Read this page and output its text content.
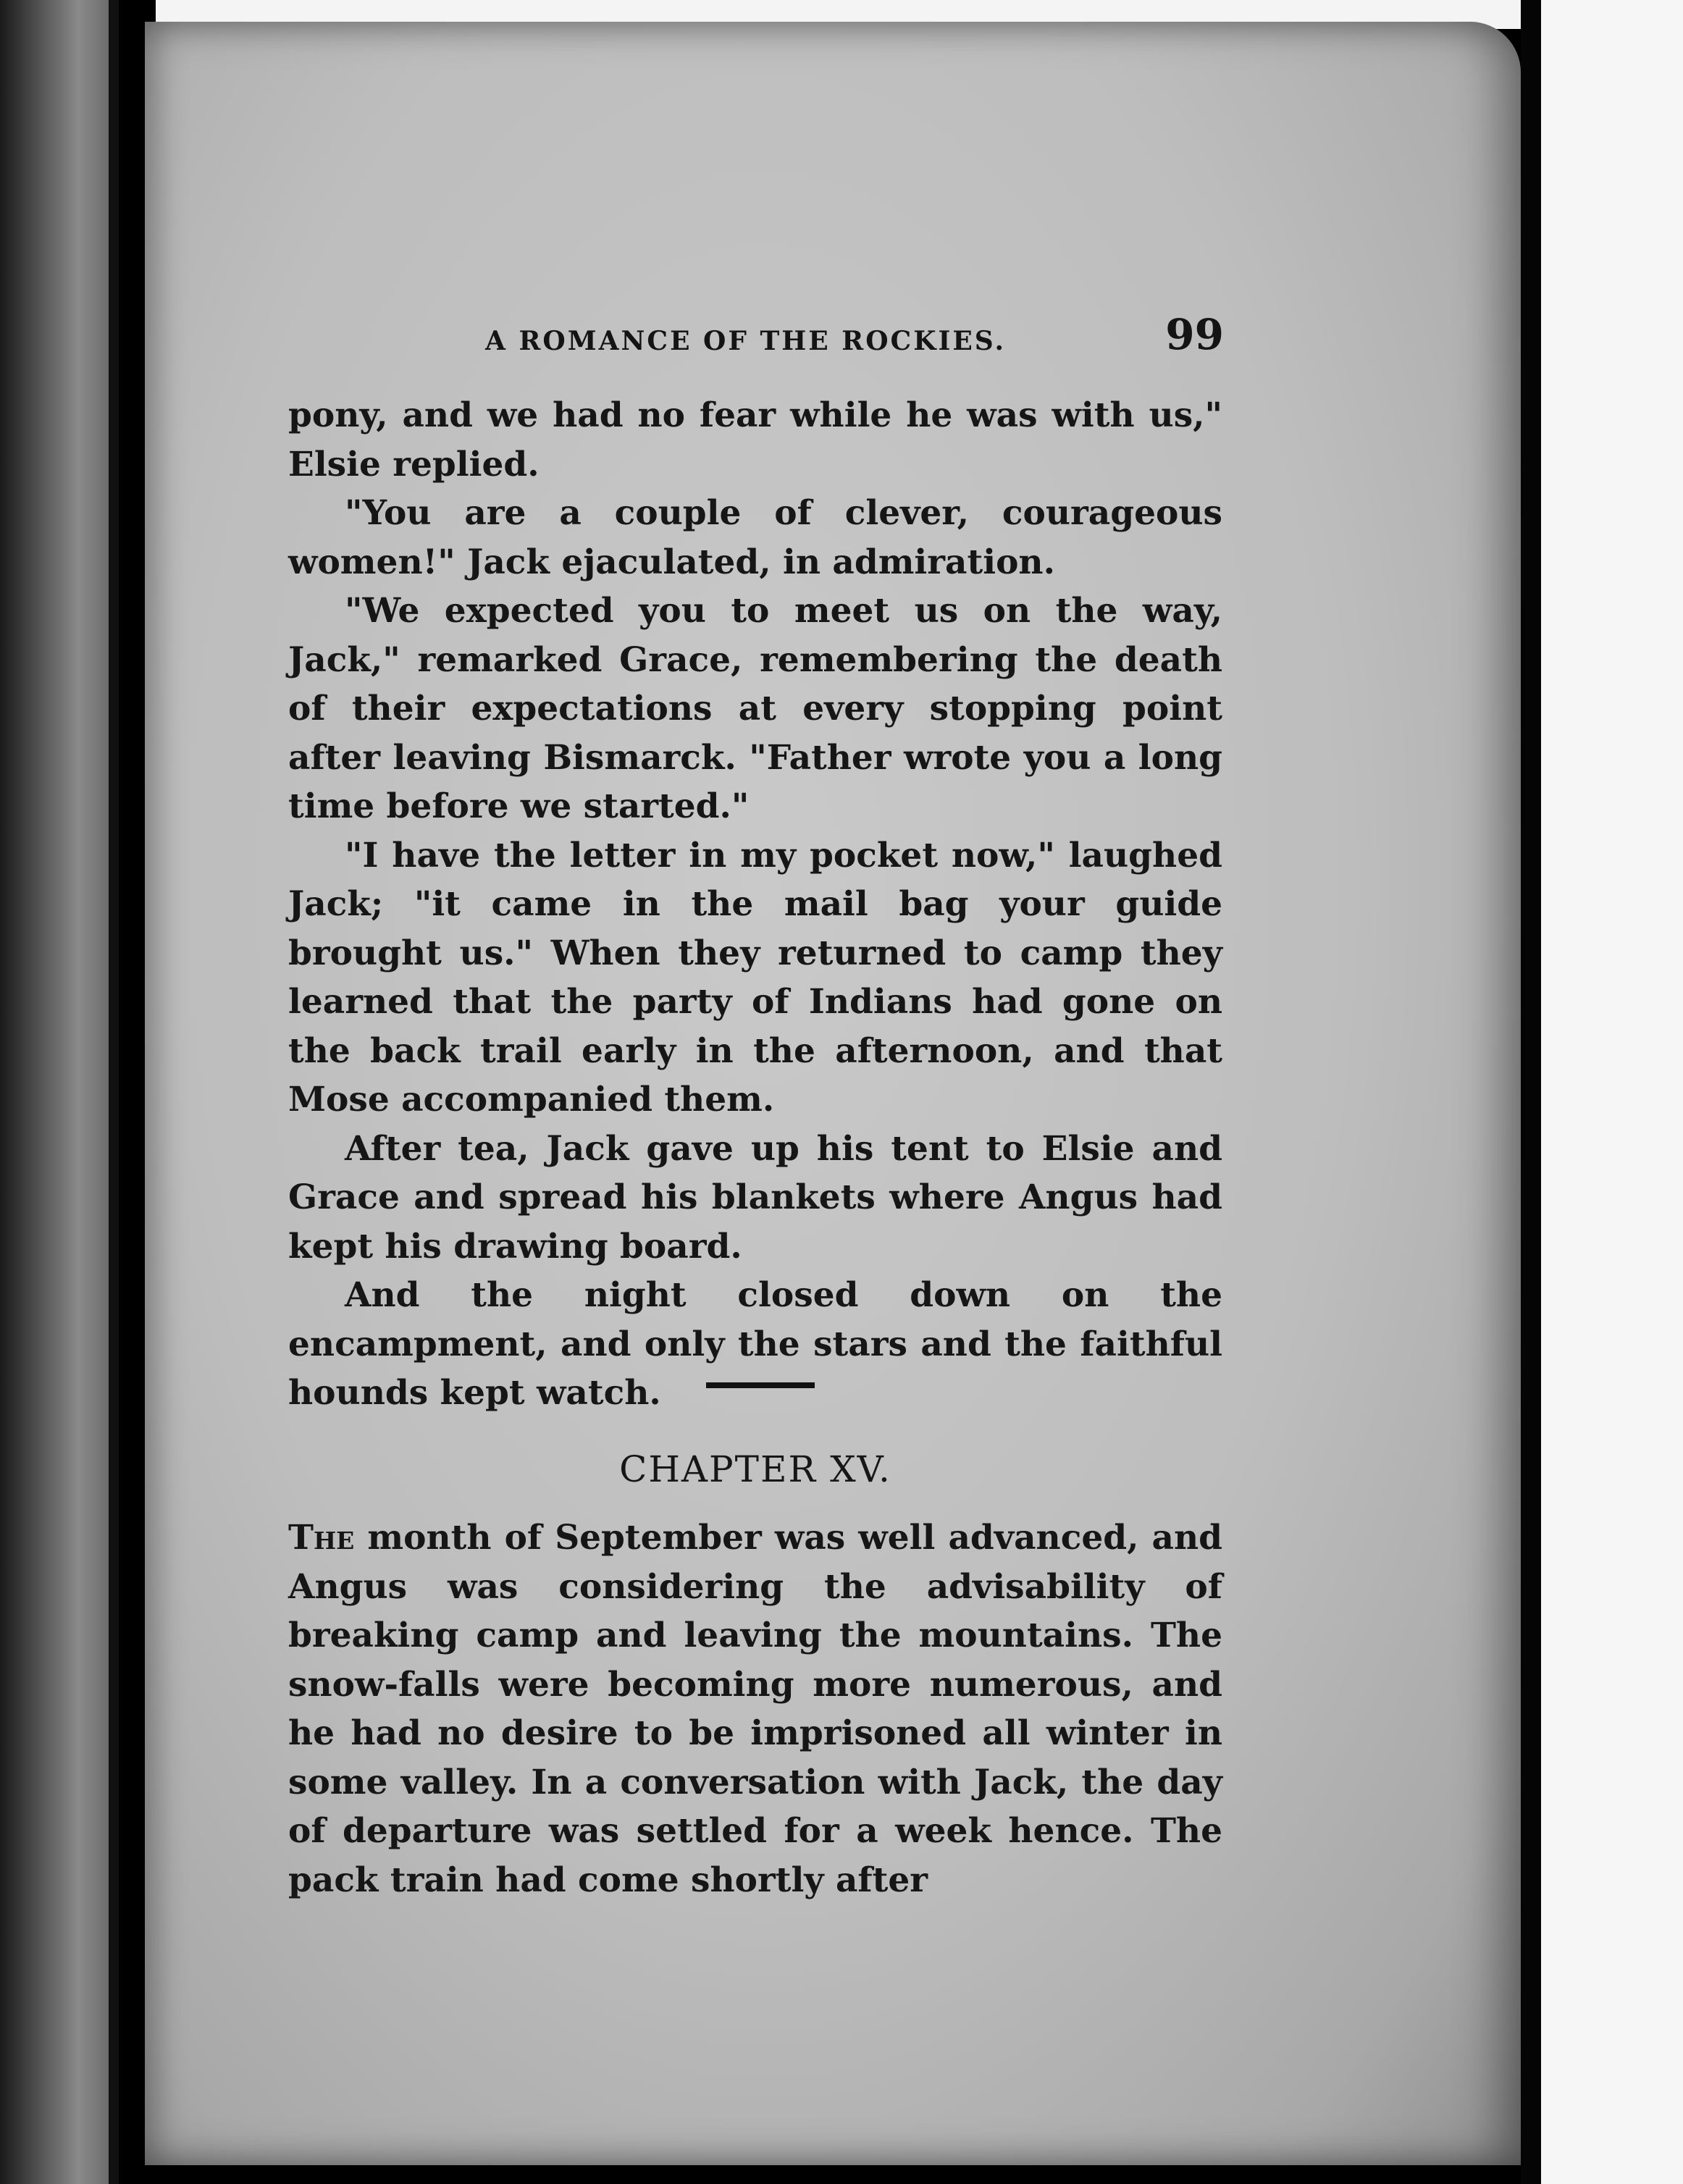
A ROMANCE OF THE ROCKIES.	99

pony, and we had no fear while he was with us," Elsie replied.

"You are a couple of clever, courageous women!" Jack ejaculated, in admiration.

"We expected you to meet us on the way, Jack," remarked Grace, remembering the death of their expectations at every stopping point after leaving Bismarck. "Father wrote you a long time before we started."

"I have the letter in my pocket now," laughed Jack; "it came in the mail bag your guide brought us." When they returned to camp they learned that the party of Indians had gone on the back trail early in the afternoon, and that Mose accompanied them.

After tea, Jack gave up his tent to Elsie and Grace and spread his blankets where Angus had kept his drawing board.

And the night closed down on the encampment, and only the stars and the faithful hounds kept watch.

CHAPTER XV.

The month of September was well advanced, and Angus was considering the advisability of breaking camp and leaving the mountains. The snow-falls were becoming more numerous, and he had no desire to be imprisoned all winter in some valley. In a conversation with Jack, the day of departure was settled for a week hence. The pack train had come shortly after
